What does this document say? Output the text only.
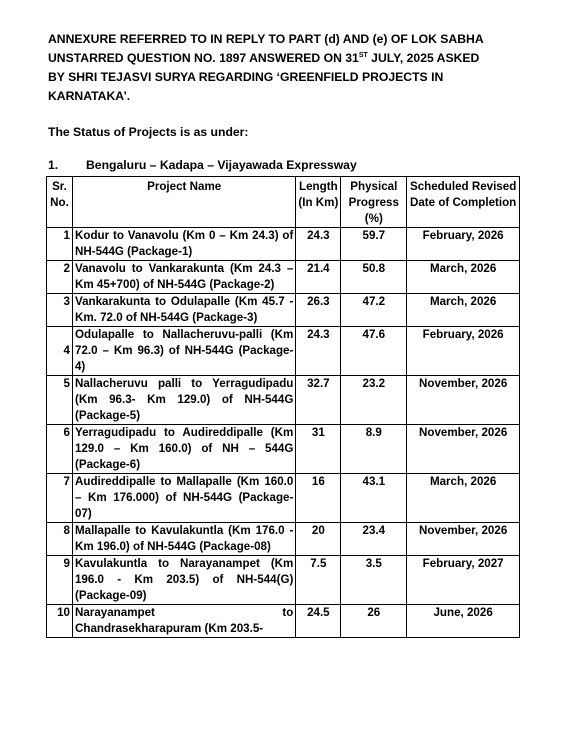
ANNEXURE REFERRED TO IN REPLY TO PART (d) AND (e) OF LOK SABHA
UNSTARRED QUESTION NO. 1897 ANSWERED ON 31ST JULY, 2025 ASKED
BY SHRI TEJASVI SURYA REGARDING ‘GREENFIELD PROJECTS IN
KARNATAKA’.

The Status of Projects is as under:

1.	Bengaluru – Kadapa – Vijayawada Expressway
Sr. No.	Project Name	Length (In Km)	Physical Progress (%)	Scheduled Revised Date of Completion
1	Kodur to Vanavolu (Km 0 – Km 24.3) of NH-544G (Package-1)	24.3	59.7	February, 2026
2	Vanavolu to Vankarakunta (Km 24.3 – Km 45+700) of NH-544G (Package-2)	21.4	50.8	March, 2026
3	Vankarakunta to Odulapalle (Km 45.7 - Km. 72.0 of NH-544G (Package-3)	26.3	47.2	March, 2026
4	Odulapalle to Nallacheruvu-palli (Km 72.0 – Km 96.3) of NH-544G (Package-4)	24.3	47.6	February, 2026
5	Nallacheruvu palli to Yerragudipadu (Km 96.3- Km 129.0) of NH-544G (Package-5)	32.7	23.2	November, 2026
6	Yerragudipadu to Audireddipalle (Km 129.0 – Km 160.0) of NH – 544G (Package-6)	31	8.9	November, 2026
7	Audireddipalle to Mallapalle (Km 160.0 – Km 176.000) of NH-544G (Package-07)	16	43.1	March, 2026
8	Mallapalle to Kavulakuntla (Km 176.0 - Km 196.0) of NH-544G (Package-08)	20	23.4	November, 2026
9	Kavulakuntla to Narayanampet (Km 196.0 - Km 203.5) of NH-544(G) (Package-09)	7.5	3.5	February, 2027
10	Narayanampet to Chandrasekharapuram (Km 203.5-	24.5	26	June, 2026
